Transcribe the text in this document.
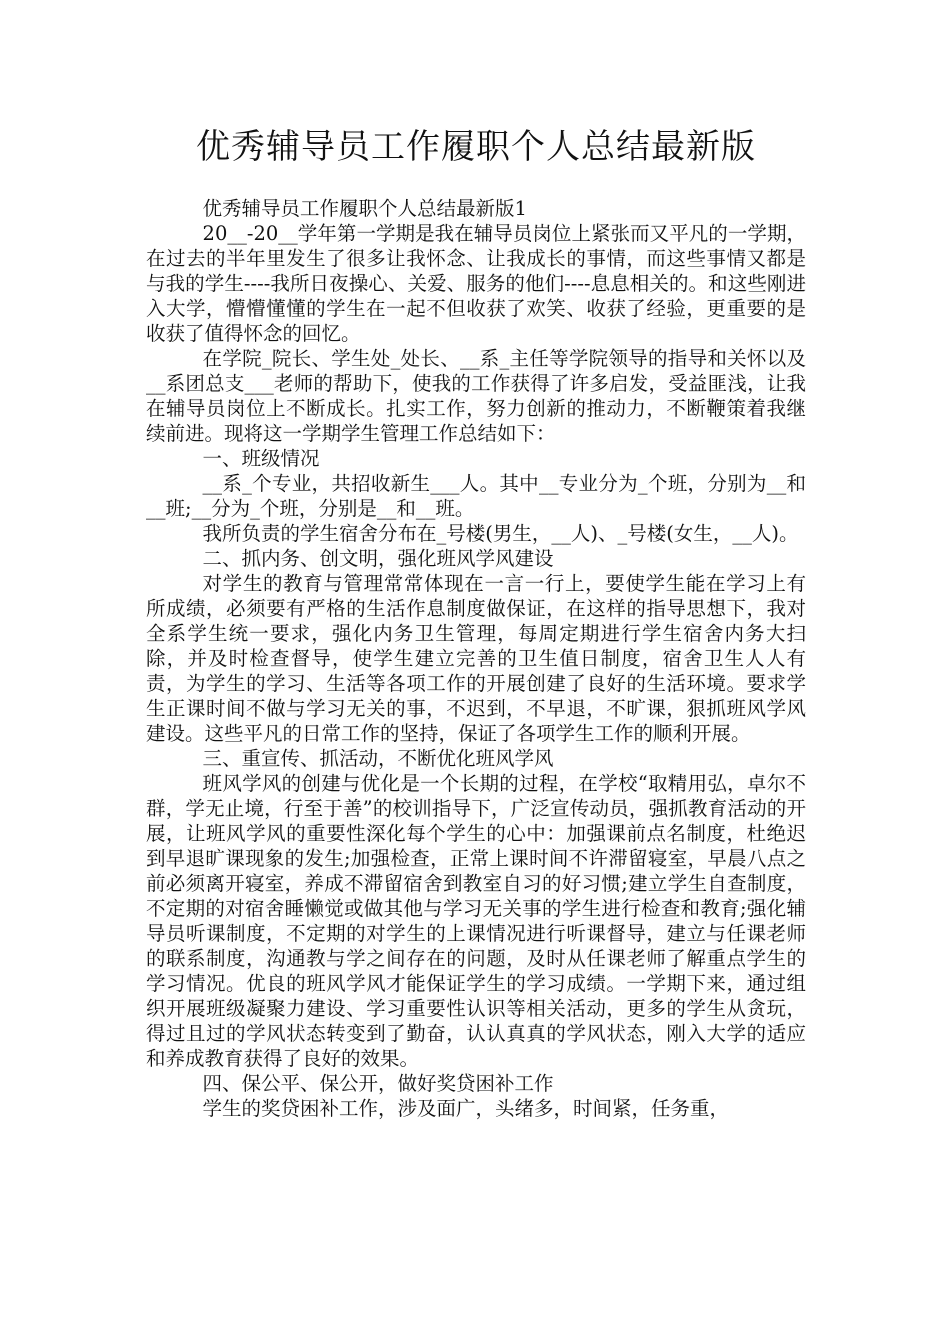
优秀辅导员工作履职个人总结最新版

优秀辅导员工作履职个人总结最新版1

20__-20__学年第一学期是我在辅导员岗位上紧张而又平凡的一学期，在过去的半年里发生了很多让我怀念、让我成长的事情，而这些事情又都是与我的学生----我所日夜操心、关爱、服务的他们----息息相关的。和这些刚进入大学，懵懵懂懂的学生在一起不但收获了欢笑、收获了经验，更重要的是收获了值得怀念的回忆。

在学院_院长、学生处_处长、__系_主任等学院领导的指导和关怀以及__系团总支___老师的帮助下，使我的工作获得了许多启发，受益匪浅，让我在辅导员岗位上不断成长。扎实工作，努力创新的推动力，不断鞭策着我继续前进。现将这一学期学生管理工作总结如下：

一、班级情况

__系_个专业，共招收新生___人。其中__专业分为_个班，分别为__和__班;__分为_个班，分别是__和__班。

我所负责的学生宿舍分布在_号楼(男生，__人)、_号楼(女生，__人)。

二、抓内务、创文明，强化班风学风建设

对学生的教育与管理常常体现在一言一行上，要使学生能在学习上有所成绩，必须要有严格的生活作息制度做保证，在这样的指导思想下，我对全系学生统一要求，强化内务卫生管理，每周定期进行学生宿舍内务大扫除，并及时检查督导，使学生建立完善的卫生值日制度，宿舍卫生人人有责，为学生的学习、生活等各项工作的开展创建了良好的生活环境。要求学生正课时间不做与学习无关的事，不迟到，不早退，不旷课，狠抓班风学风建设。这些平凡的日常工作的坚持，保证了各项学生工作的顺利开展。

三、重宣传、抓活动，不断优化班风学风

班风学风的创建与优化是一个长期的过程，在学校“取精用弘，卓尔不群，学无止境，行至于善”的校训指导下，广泛宣传动员，强抓教育活动的开展，让班风学风的重要性深化每个学生的心中：加强课前点名制度，杜绝迟到早退旷课现象的发生;加强检查，正常上课时间不许滞留寝室，早晨八点之前必须离开寝室，养成不滞留宿舍到教室自习的好习惯;建立学生自查制度，不定期的对宿舍睡懒觉或做其他与学习无关事的学生进行检查和教育;强化辅导员听课制度，不定期的对学生的上课情况进行听课督导，建立与任课老师的联系制度，沟通教与学之间存在的问题，及时从任课老师了解重点学生的学习情况。优良的班风学风才能保证学生的学习成绩。一学期下来，通过组织开展班级凝聚力建设、学习重要性认识等相关活动，更多的学生从贪玩，得过且过的学风状态转变到了勤奋，认认真真的学风状态，刚入大学的适应和养成教育获得了良好的效果。

四、保公平、保公开，做好奖贷困补工作

学生的奖贷困补工作，涉及面广，头绪多，时间紧，任务重，
